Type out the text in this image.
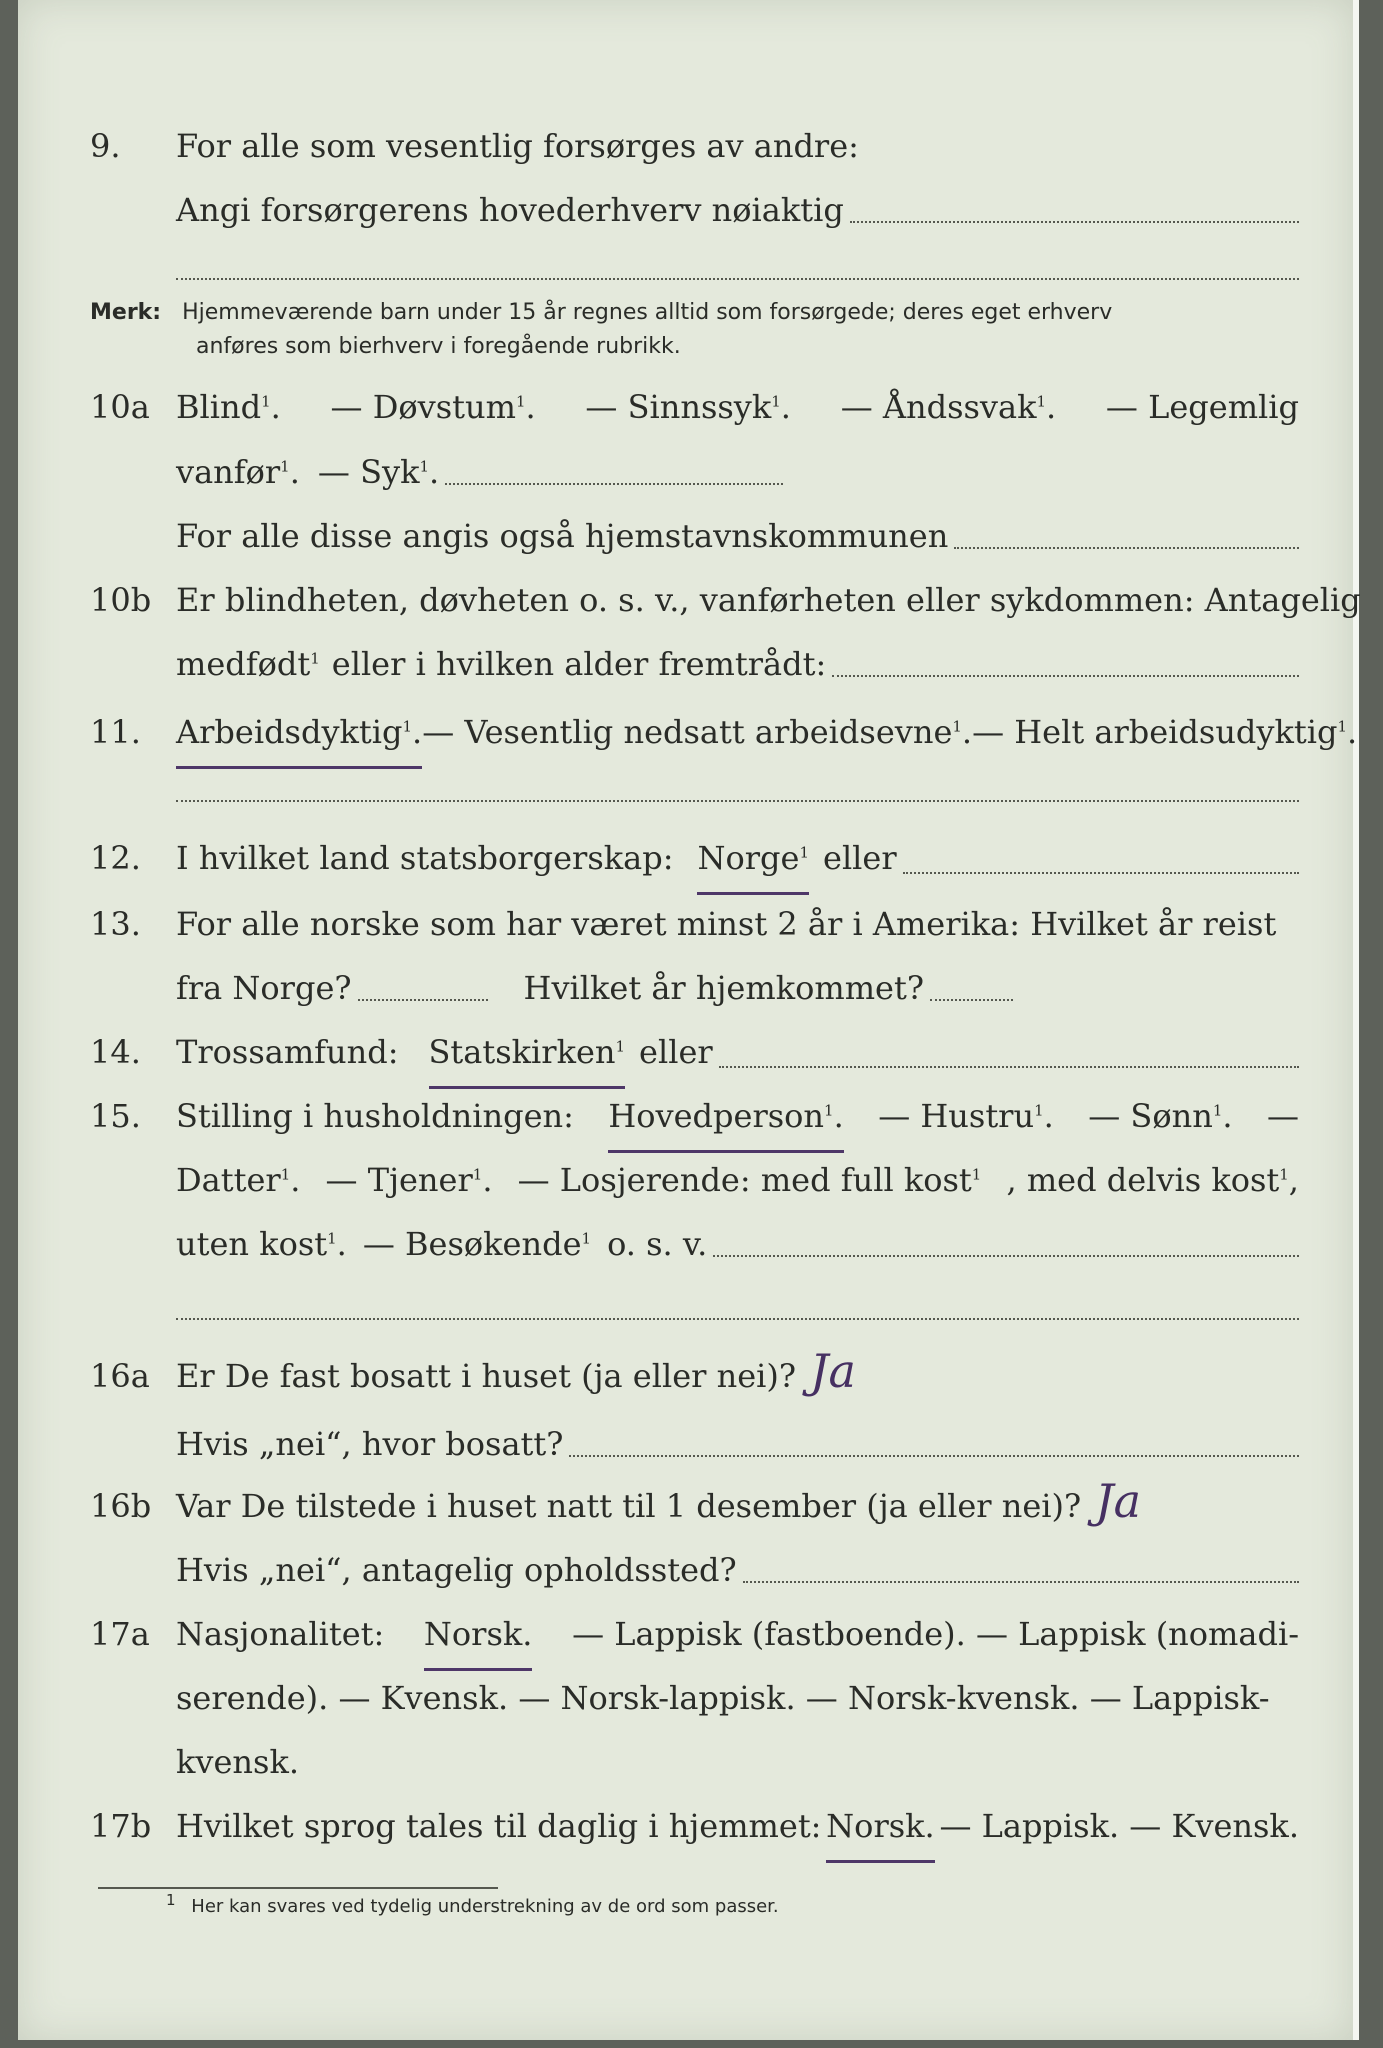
9. For alle som vesentlig forsørges av andre:
Angi forsørgerens hovederhverv nøiaktig
Merk: Hjemmeværende barn under 15 år regnes alltid som forsørgede; deres eget erhverv
anføres som bierhverv i foregående rubrikk.
10a Blind$^1$. — Døvstum$^1$. — Sinnssyk$^1$. — Åndssvak$^1$. — Legemlig
vanfør$^1$. — Syk$^1$.
For alle disse angis også hjemstavnskommunen
10b Er blindheten, døvheten o. s. v., vanførheten eller sykdommen: Antagelig
medfødt$^1$ eller i hvilken alder fremtrådt:
11. Arbeidsdyktig$^1$. — Vesentlig nedsatt arbeidsevne$^1$. — Helt arbeidsudyktig$^1$.
12. I hvilket land statsborgerskap: Norge$^1$ eller
13. For alle norske som har været minst 2 år i Amerika: Hvilket år reist
fra Norge?	Hvilket år hjemkommet?
14. Trossamfund: Statskirken$^1$ eller
15. Stilling i husholdningen: Hovedperson$^1$. — Hustru$^1$. — Sønn$^1$. —
Datter$^1$. — Tjener$^1$. — Losjerende: med full kost$^1$ , med delvis kost$^1$,
uten kost$^1$. — Besøkende$^1$ o. s. v.
16a Er De fast bosatt i huset (ja eller nei)? Ja
Hvis „nei“, hvor bosatt?
16b Var De tilstede i huset natt til 1 desember (ja eller nei)? Ja
Hvis „nei“, antagelig opholdssted?
17a Nasjonalitet: Norsk. — Lappisk (fastboende). — Lappisk (nomadi-
serende). — Kvensk. — Norsk-lappisk. — Norsk-kvensk. — Lappisk-
kvensk.
17b Hvilket sprog tales til daglig i hjemmet: Norsk. — Lappisk. — Kvensk.
$^1$ Her kan svares ved tydelig understrekning av de ord som passer.
